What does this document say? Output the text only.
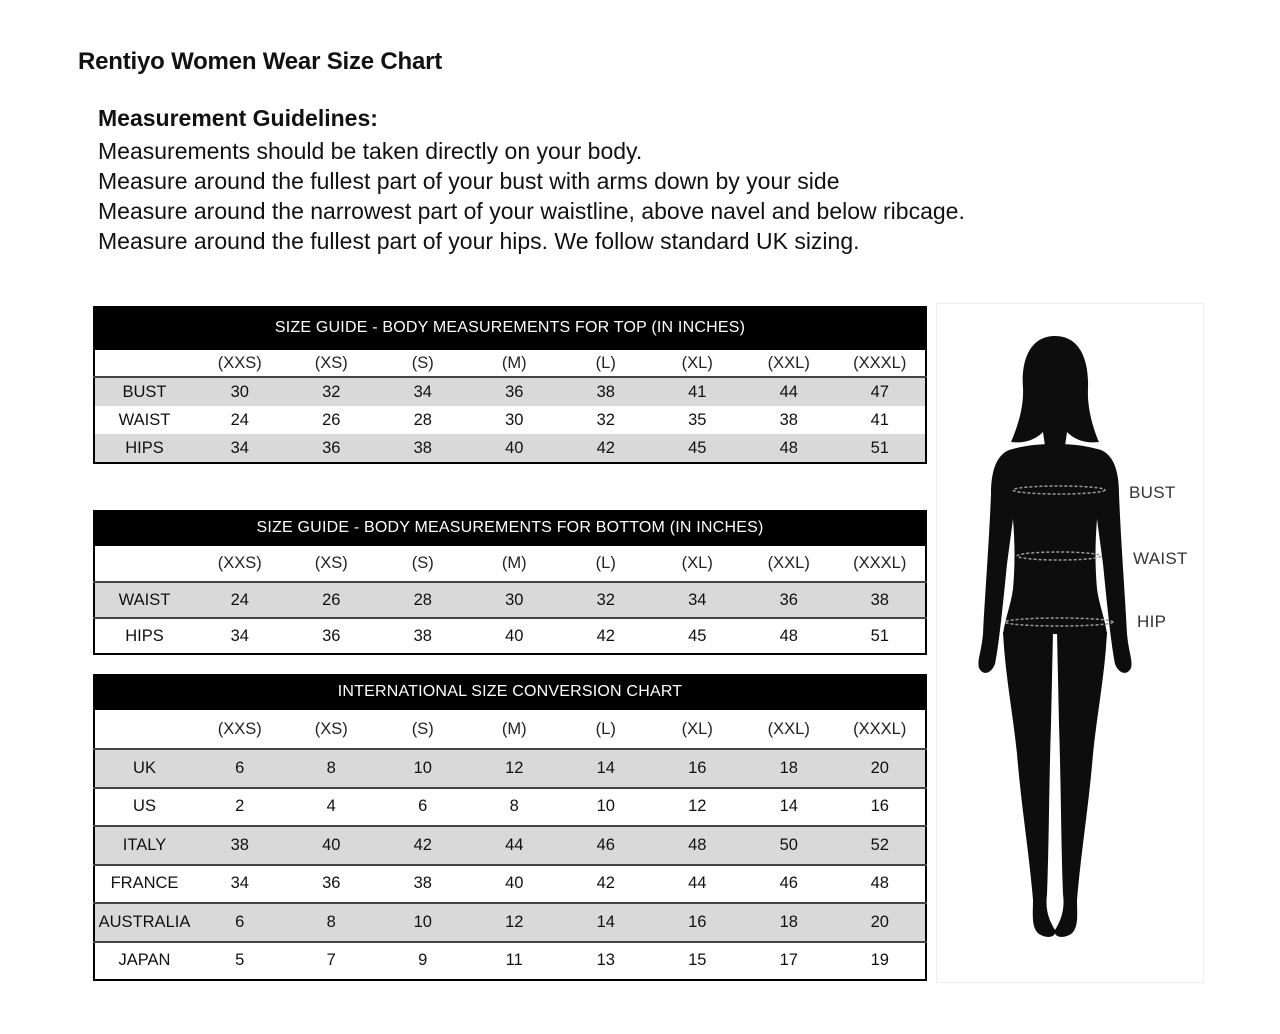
Rentiyo Women Wear Size Chart

Measurement Guidelines:

Measurements should be taken directly on your body.

Measure around the fullest part of your bust with arms down by your side

Measure around the narrowest part of your waistline, above navel and below ribcage.

Measure around the fullest part of your hips. We follow standard UK sizing.

SIZE GUIDE - BODY MEASUREMENTS FOR TOP (IN INCHES)								
	(XXS)	(XS)	(S)	(M)	(L)	(XL)	(XXL)	(XXXL)
BUST	30	32	34	36	38	41	44	47
WAIST	24	26	28	30	32	35	38	41
HIPS	34	36	38	40	42	45	48	51
SIZE GUIDE - BODY MEASUREMENTS FOR BOTTOM (IN INCHES)								
	(XXS)	(XS)	(S)	(M)	(L)	(XL)	(XXL)	(XXXL)
WAIST	24	26	28	30	32	34	36	38
HIPS	34	36	38	40	42	45	48	51
INTERNATIONAL SIZE CONVERSION CHART								
	(XXS)	(XS)	(S)	(M)	(L)	(XL)	(XXL)	(XXXL)
UK	6	8	10	12	14	16	18	20
US	2	4	6	8	10	12	14	16
ITALY	38	40	42	44	46	48	50	52
FRANCE	34	36	38	40	42	44	46	48
AUSTRALIA	6	8	10	12	14	16	18	20
JAPAN	5	7	9	11	13	15	17	19
BUST
WAIST
HIP
